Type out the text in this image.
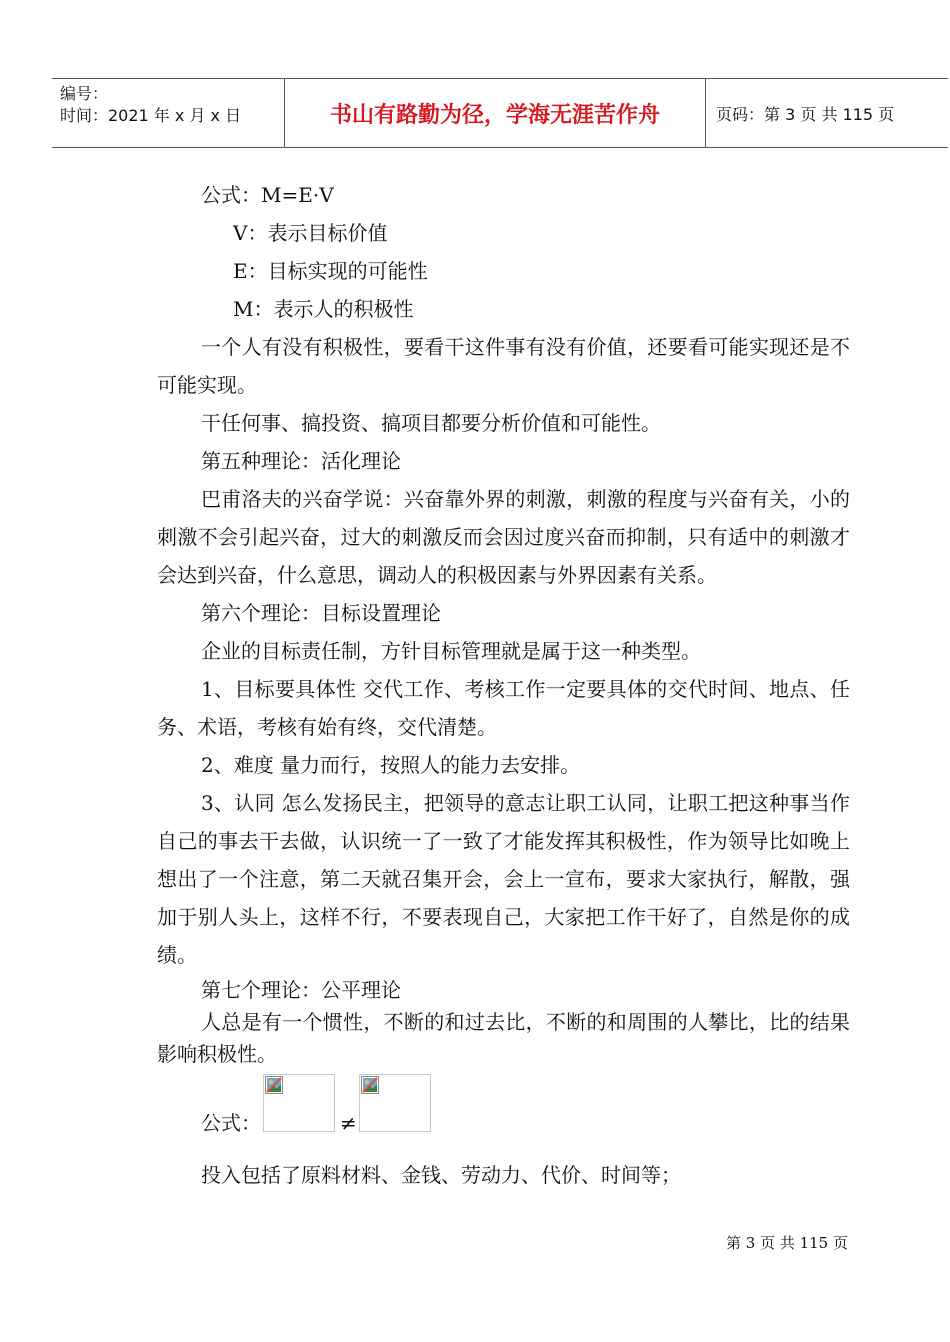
编号：
时间：2021 年 x 月 x 日	书山有路勤为径，学海无涯苦作舟	页码：第 3 页 共 115 页

公式：M=E·V

V：表示目标价值

E：目标实现的可能性

M：表示人的积极性

一个人有没有积极性，要看干这件事有没有价值，还要看可能实现还是不可能实现。

干任何事、搞投资、搞项目都要分析价值和可能性。

第五种理论：活化理论

巴甫洛夫的兴奋学说：兴奋靠外界的刺激，刺激的程度与兴奋有关，小的刺激不会引起兴奋，过大的刺激反而会因过度兴奋而抑制，只有适中的刺激才会达到兴奋，什么意思，调动人的积极因素与外界因素有关系。

第六个理论：目标设置理论

企业的目标责任制，方针目标管理就是属于这一种类型。

1、目标要具体性 交代工作、考核工作一定要具体的交代时间、地点、任务、术语，考核有始有终，交代清楚。

2、难度 量力而行，按照人的能力去安排。

3、认同 怎么发扬民主，把领导的意志让职工认同，让职工把这种事当作自己的事去干去做，认识统一了一致了才能发挥其积极性，作为领导比如晚上想出了一个注意，第二天就召集开会，会上一宣布，要求大家执行，解散，强加于别人头上，这样不行，不要表现自己，大家把工作干好了，自然是你的成绩。

第七个理论：公平理论

人总是有一个惯性，不断的和过去比，不断的和周围的人攀比，比的结果影响积极性。

公式：	≠

投入包括了原料材料、金钱、劳动力、代价、时间等；

第 3 页 共 115 页
